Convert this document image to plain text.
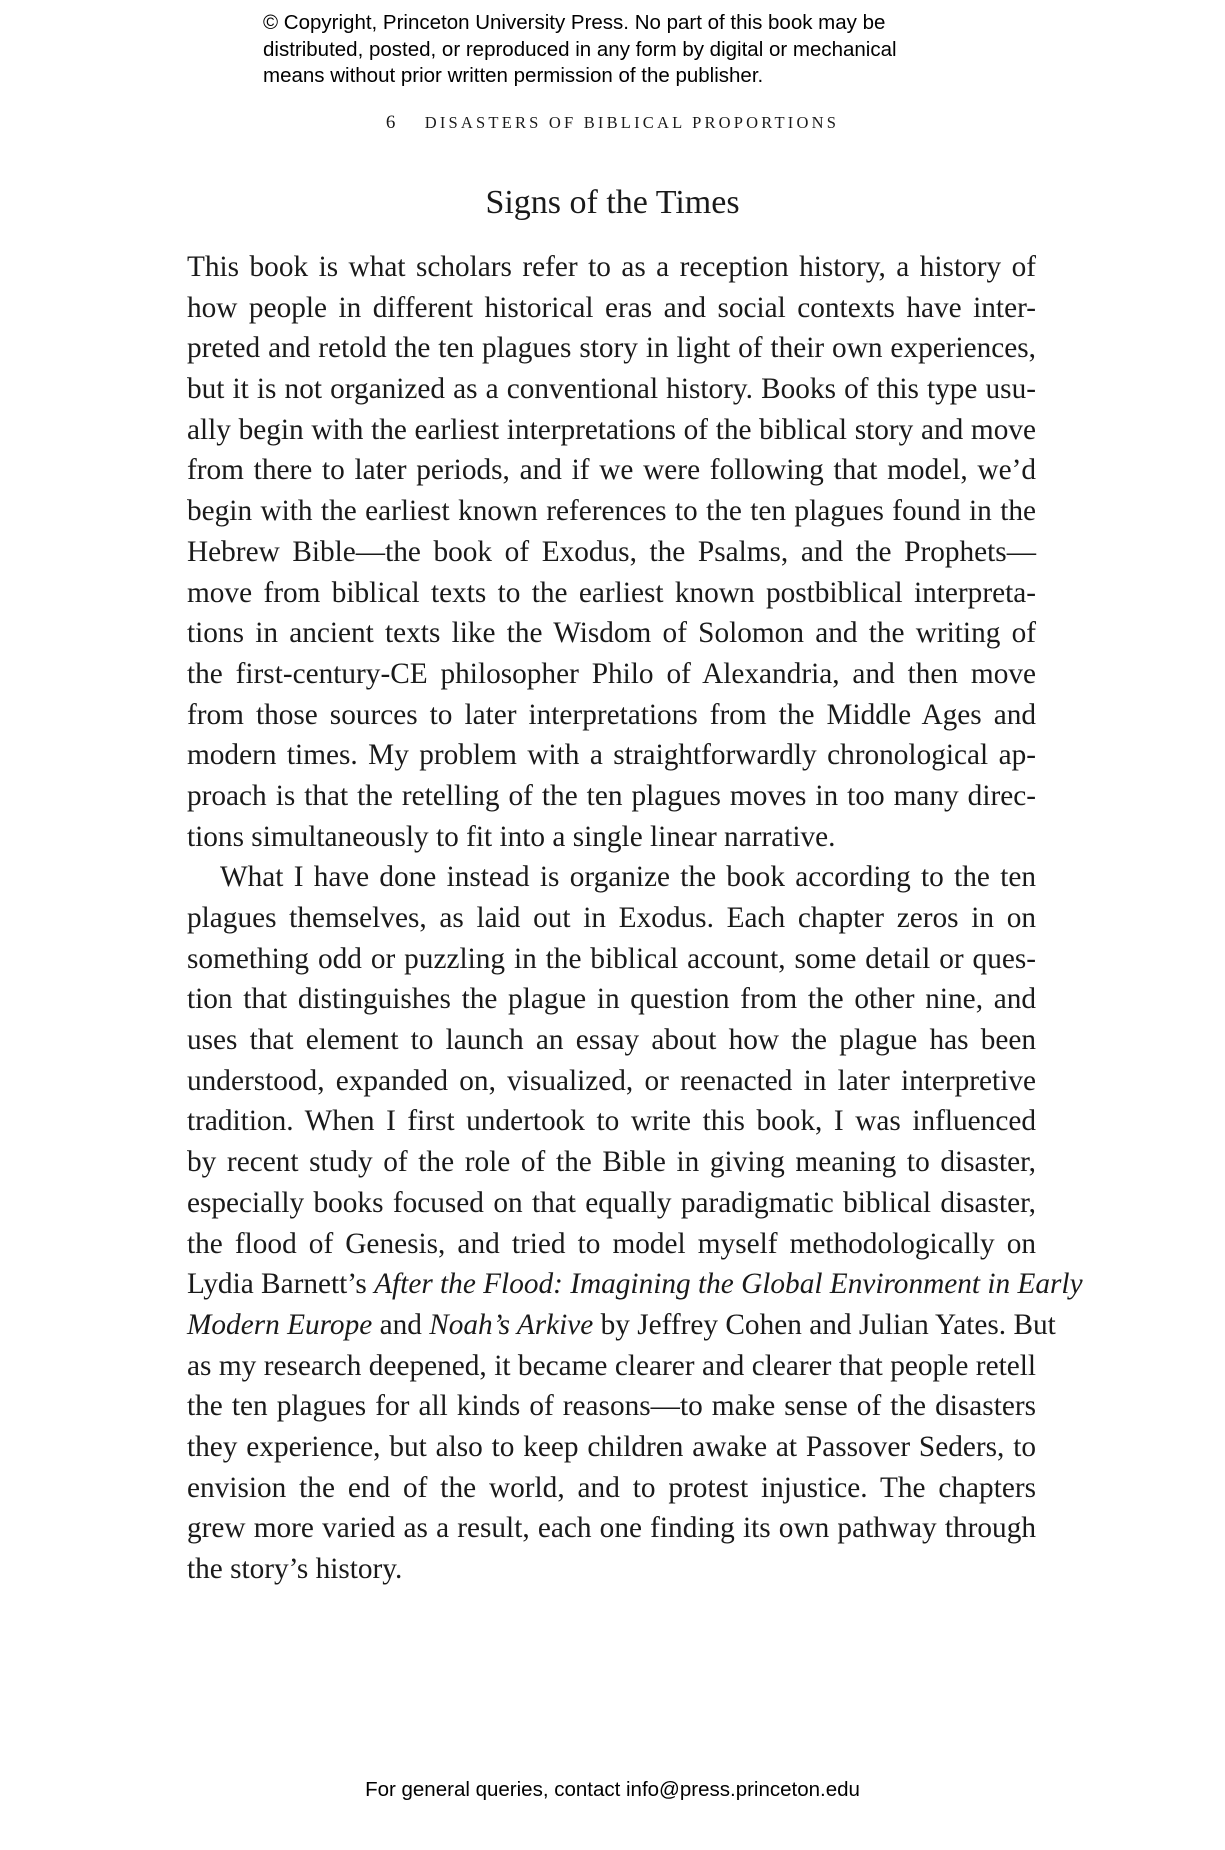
© Copyright, Princeton University Press. No part of this book may be
distributed, posted, or reproduced in any form by digital or mechanical
means without prior written permission of the publisher.
6 DISASTERS OF BIBLICAL PROPORTIONS
Signs of the Times
This book is what scholars refer to as a reception history, a history of
how people in different historical eras and social contexts have inter-
preted and retold the ten plagues story in light of their own experiences,
but it is not organized as a conventional history. Books of this type usu-
ally begin with the earliest interpretations of the biblical story and move
from there to later periods, and if we were following that model, we’d
begin with the earliest known references to the ten plagues found in the
Hebrew Bible—the book of Exodus, the Psalms, and the Prophets—
move from biblical texts to the earliest known postbiblical interpreta-
tions in ancient texts like the Wisdom of Solomon and the writing of
the first-century-CE philosopher Philo of Alexandria, and then move
from those sources to later interpretations from the Middle Ages and
modern times. My problem with a straightforwardly chronological ap-
proach is that the retelling of the ten plagues moves in too many direc-
tions simultaneously to fit into a single linear narrative.
What I have done instead is organize the book according to the ten
plagues themselves, as laid out in Exodus. Each chapter zeros in on
something odd or puzzling in the biblical account, some detail or ques-
tion that distinguishes the plague in question from the other nine, and
uses that element to launch an essay about how the plague has been
understood, expanded on, visualized, or reenacted in later interpretive
tradition. When I first undertook to write this book, I was influenced
by recent study of the role of the Bible in giving meaning to disaster,
especially books focused on that equally paradigmatic biblical disaster,
the flood of Genesis, and tried to model myself methodologically on
Lydia Barnett’s After the Flood: Imagining the Global Environment in Early
Modern Europe and Noah’s Arkive by Jeffrey Cohen and Julian Yates. But
as my research deepened, it became clearer and clearer that people retell
the ten plagues for all kinds of reasons—to make sense of the disasters
they experience, but also to keep children awake at Passover Seders, to
envision the end of the world, and to protest injustice. The chapters
grew more varied as a result, each one finding its own pathway through
the story’s history.
For general queries, contact info@press.princeton.edu
